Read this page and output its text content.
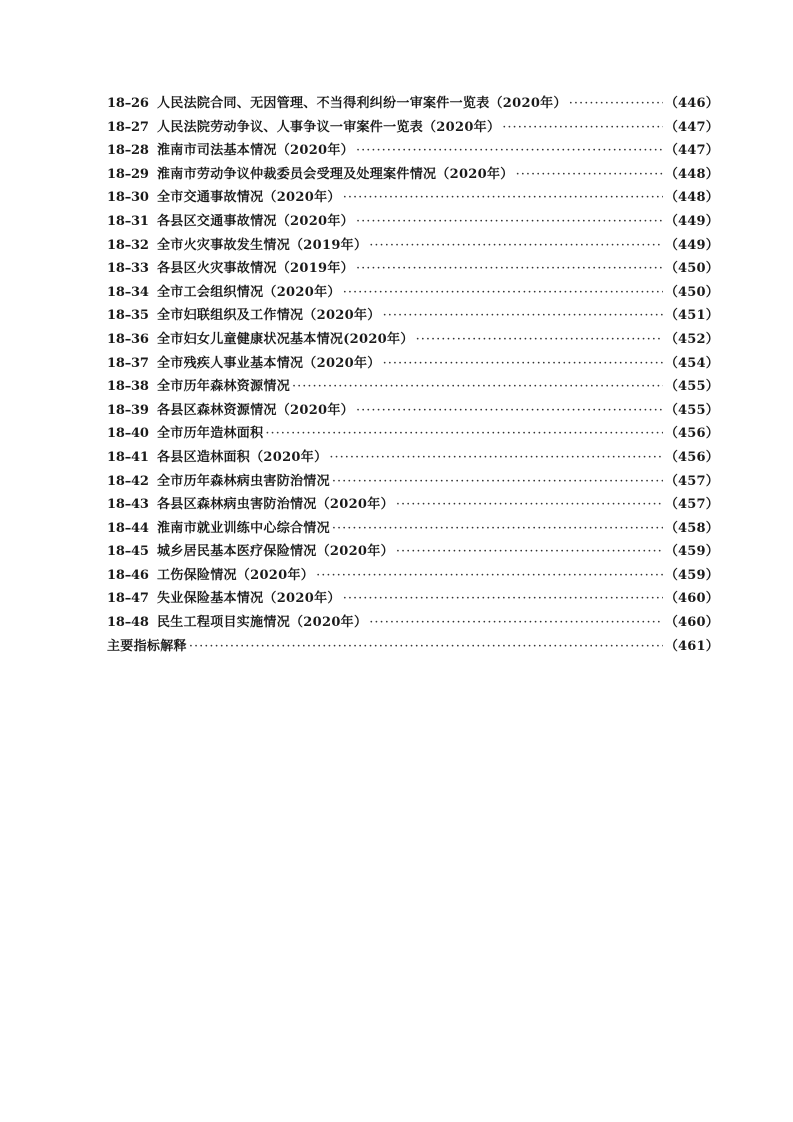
18–26 人民法院合同、无因管理、不当得利纠纷一审案件一览表（2020年） ·····	（446）
18–27 人民法院劳动争议、人事争议一审案件一览表（2020年） ·····	（447）
18–28 淮南市司法基本情况（2020年） ·····	（447）
18–29 淮南市劳动争议仲裁委员会受理及处理案件情况（2020年） ·····	（448）
18–30 全市交通事故情况（2020年） ·····	（448）
18–31 各县区交通事故情况（2020年） ·····	（449）
18–32 全市火灾事故发生情况（2019年） ·····	（449）
18–33 各县区火灾事故情况（2019年） ·····	（450）
18–34 全市工会组织情况（2020年） ·····	（450）
18–35 全市妇联组织及工作情况（2020年） ·····	（451）
18–36 全市妇女儿童健康状况基本情况(2020年） ·····	（452）
18–37 全市残疾人事业基本情况（2020年） ·····	（454）
18–38 全市历年森林资源情况 ·····	（455）
18–39 各县区森林资源情况（2020年） ·····	（455）
18–40 全市历年造林面积 ·····	（456）
18–41 各县区造林面积（2020年） ·····	（456）
18–42 全市历年森林病虫害防治情况 ·····	（457）
18–43 各县区森林病虫害防治情况（2020年） ·····	（457）
18–44 淮南市就业训练中心综合情况 ·····	（458）
18–45 城乡居民基本医疗保险情况（2020年） ·····	（459）
18–46 工伤保险情况（2020年） ·····	（459）
18–47 失业保险基本情况（2020年） ·····	（460）
18–48 民生工程项目实施情况（2020年） ·····	（460）
主要指标解释 ·····	（461）
